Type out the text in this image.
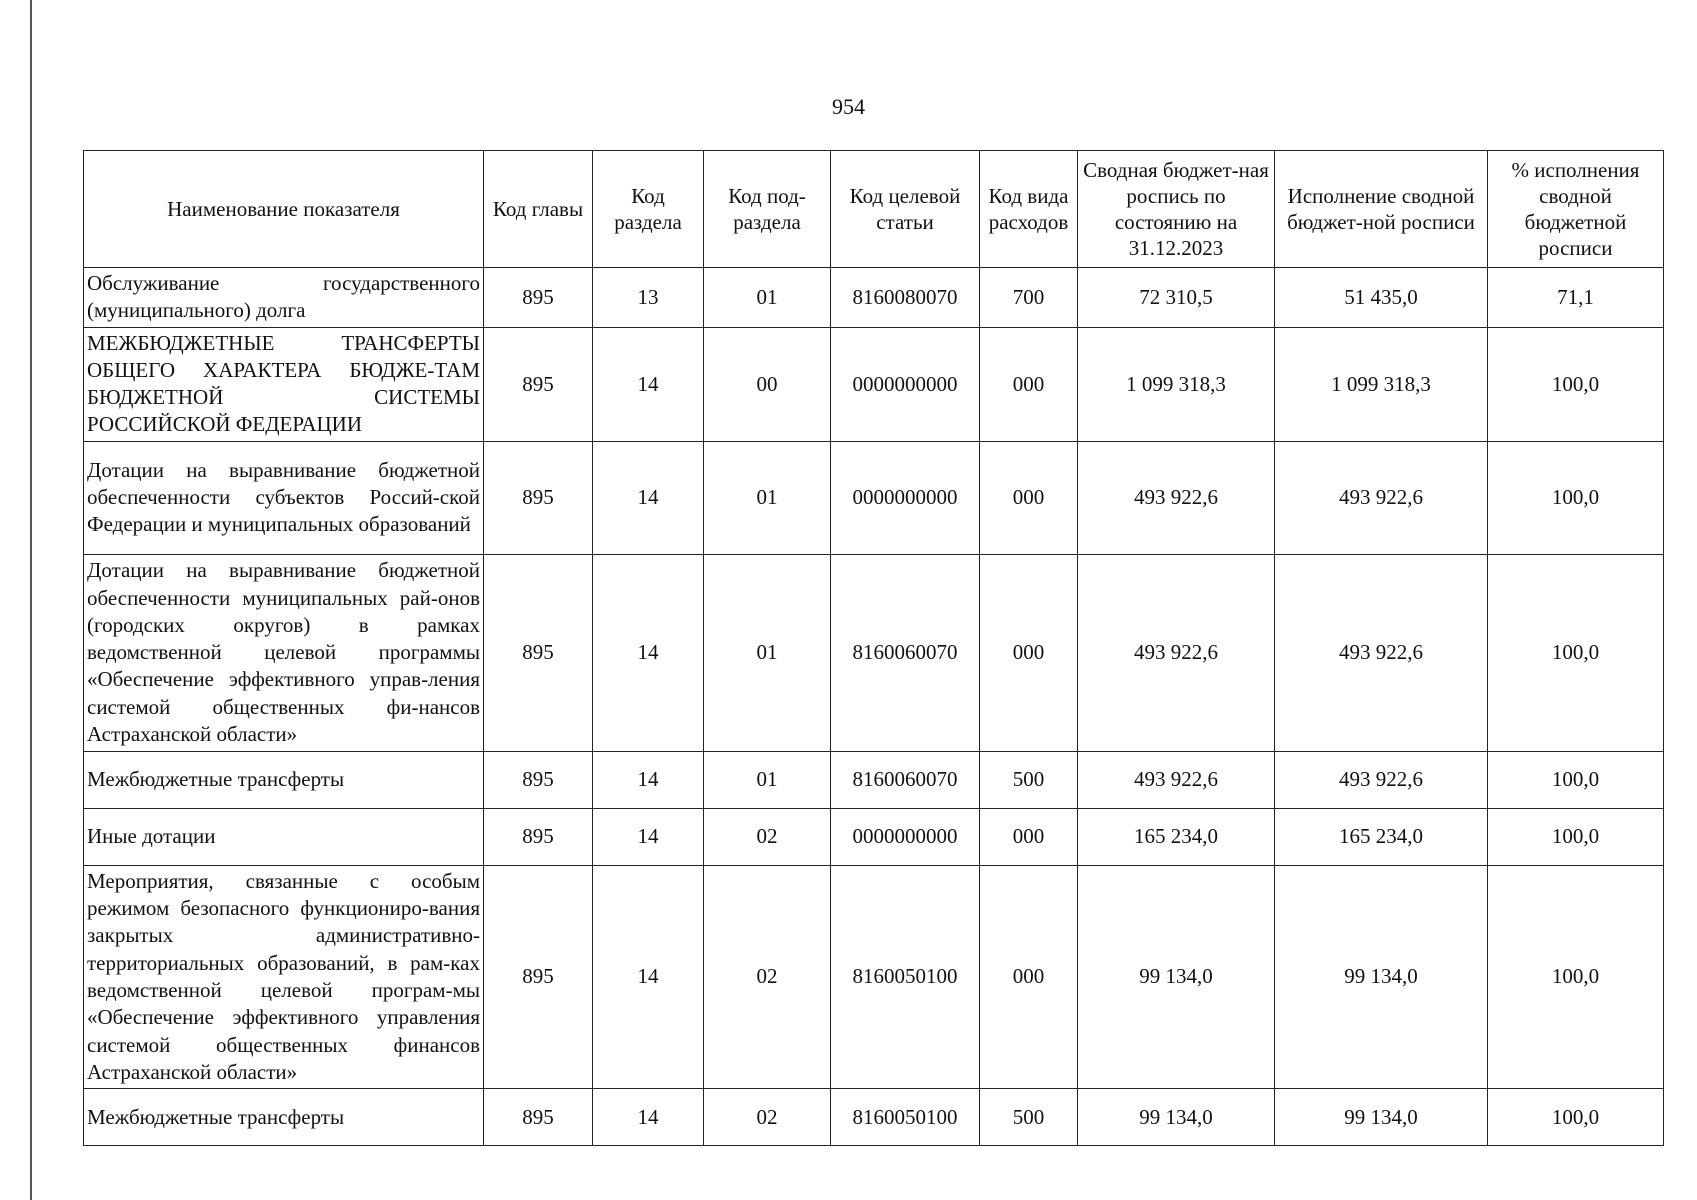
954
Наименование показателя	Код главы	Код раздела	Код под-раздела	Код целевой статьи	Код вида расходов	Сводная бюджет-ная роспись по состоянию на 31.12.2023	Исполнение сводной бюджет-ной росписи	% исполнения сводной бюджетной росписи
Обслуживание государственного (муниципального) долга	895	13	01	8160080070	700	72 310,5	51 435,0	71,1
МЕЖБЮДЖЕТНЫЕ ТРАНСФЕРТЫ ОБЩЕГО ХАРАКТЕРА БЮДЖЕ-ТАМ БЮДЖЕТНОЙ СИСТЕМЫ РОССИЙСКОЙ ФЕДЕРАЦИИ	895	14	00	0000000000	000	1 099 318,3	1 099 318,3	100,0
Дотации на выравнивание бюджетной обеспеченности субъектов Россий-ской Федерации и муниципальных образований	895	14	01	0000000000	000	493 922,6	493 922,6	100,0
Дотации на выравнивание бюджетной обеспеченности муниципальных рай-онов (городских округов) в рамках ведомственной целевой программы «Обеспечение эффективного управ-ления системой общественных фи-нансов Астраханской области»	895	14	01	8160060070	000	493 922,6	493 922,6	100,0
Межбюджетные трансферты	895	14	01	8160060070	500	493 922,6	493 922,6	100,0
Иные дотации	895	14	02	0000000000	000	165 234,0	165 234,0	100,0
Мероприятия, связанные с особым режимом безопасного функциониро-вания закрытых административно-территориальных образований, в рам-ках ведомственной целевой програм-мы «Обеспечение эффективного управления системой общественных финансов Астраханской области»	895	14	02	8160050100	000	99 134,0	99 134,0	100,0
Межбюджетные трансферты	895	14	02	8160050100	500	99 134,0	99 134,0	100,0
